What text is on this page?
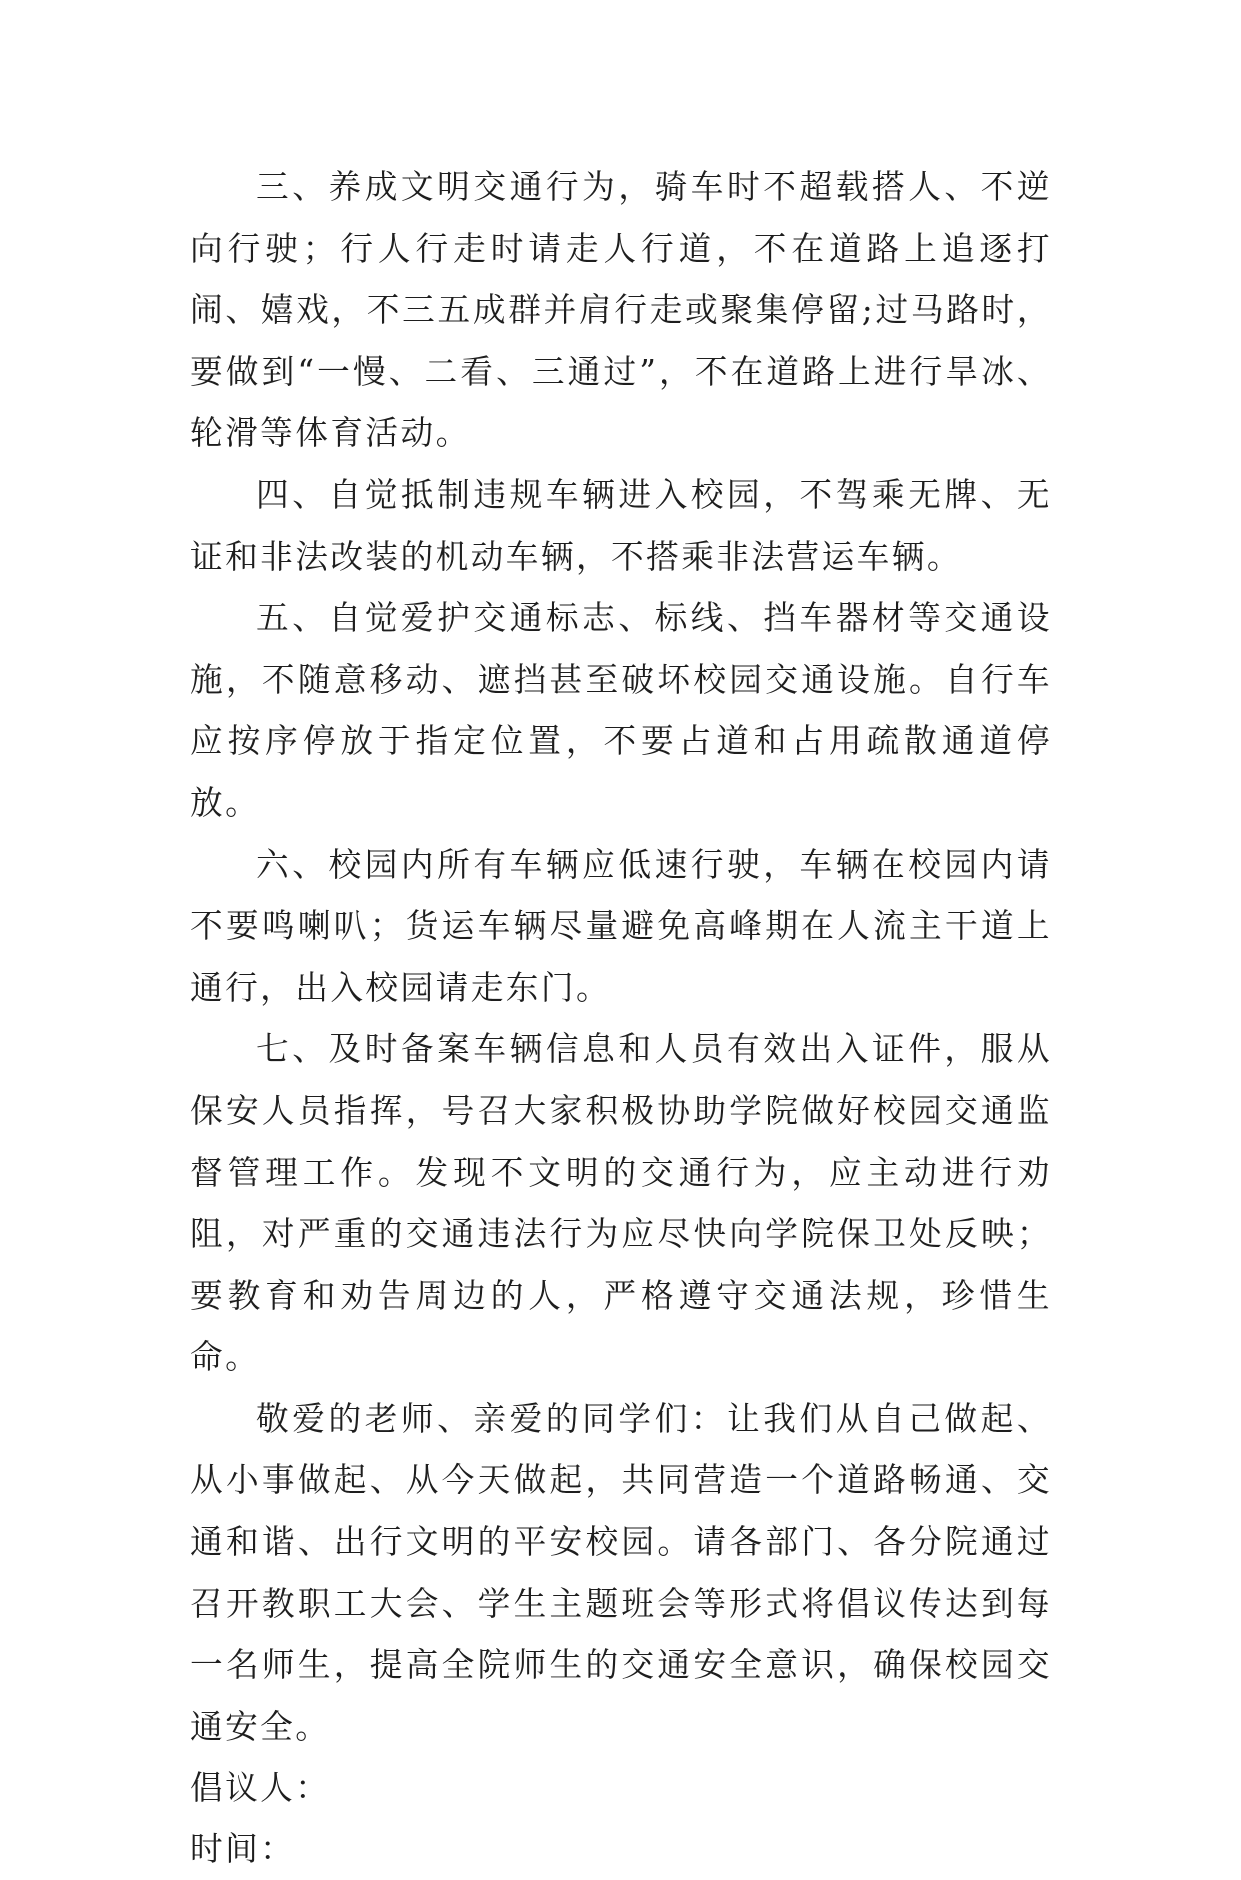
三、养成文明交通行为，骑车时不超载搭人、不逆向行驶；行人行走时请走人行道，不在道路上追逐打闹、嬉戏，不三五成群并肩行走或聚集停留;过马路时，要做到“一慢、二看、三通过”，不在道路上进行旱冰、轮滑等体育活动。

四、自觉抵制违规车辆进入校园，不驾乘无牌、无证和非法改装的机动车辆，不搭乘非法营运车辆。

五、自觉爱护交通标志、标线、挡车器材等交通设施，不随意移动、遮挡甚至破坏校园交通设施。自行车应按序停放于指定位置，不要占道和占用疏散通道停放。

六、校园内所有车辆应低速行驶，车辆在校园内请不要鸣喇叭；货运车辆尽量避免高峰期在人流主干道上通行，出入校园请走东门。

七、及时备案车辆信息和人员有效出入证件，服从保安人员指挥，号召大家积极协助学院做好校园交通监督管理工作。发现不文明的交通行为，应主动进行劝阻，对严重的交通违法行为应尽快向学院保卫处反映；要教育和劝告周边的人，严格遵守交通法规，珍惜生命。

敬爱的老师、亲爱的同学们：让我们从自己做起、从小事做起、从今天做起，共同营造一个道路畅通、交通和谐、出行文明的平安校园。请各部门、各分院通过召开教职工大会、学生主题班会等形式将倡议传达到每一名师生，提高全院师生的交通安全意识，确保校园交通安全。

倡议人：

时间：
